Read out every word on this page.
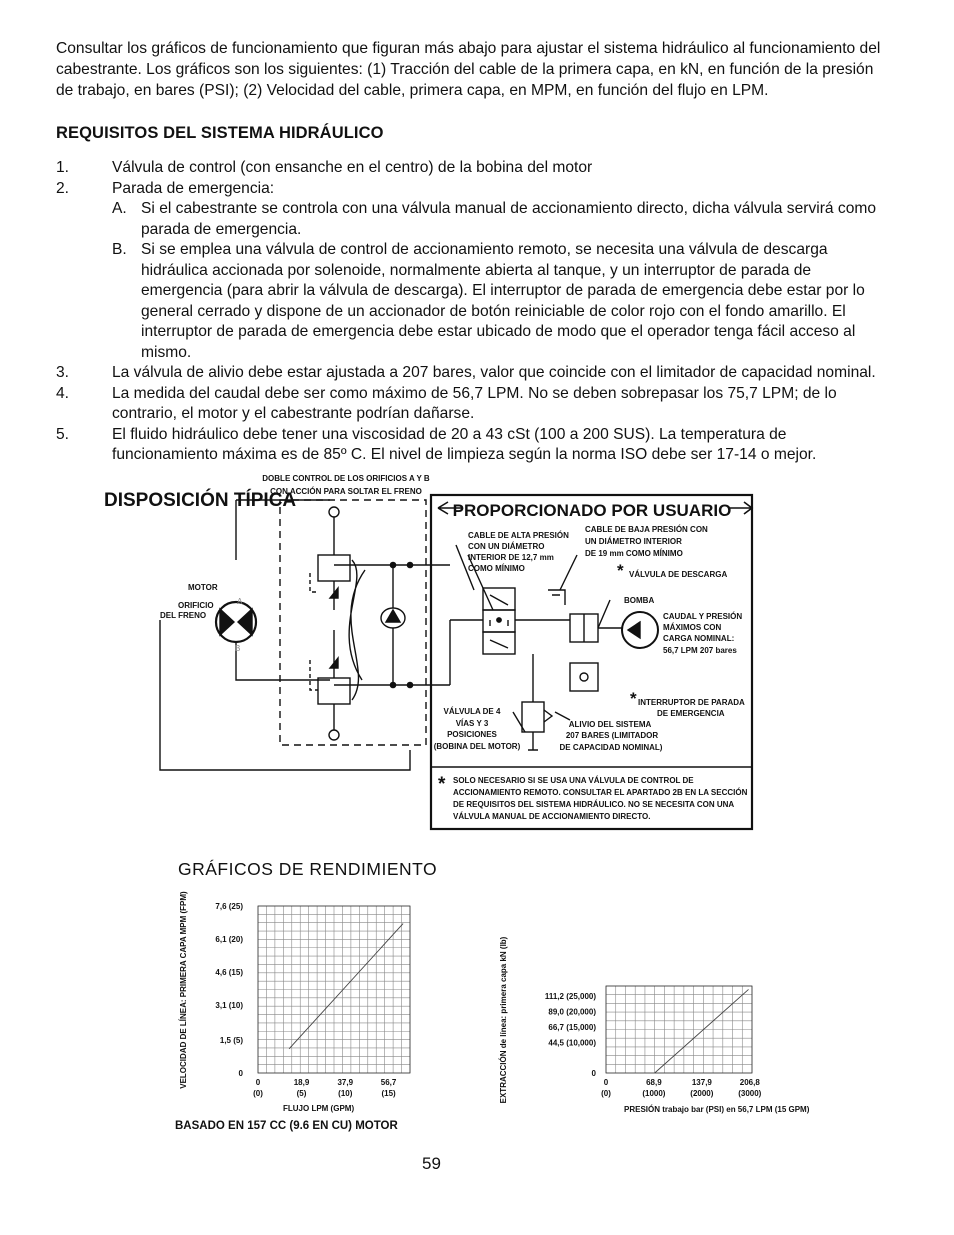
Consultar los gráficos de funcionamiento que figuran más abajo para ajustar el sistema hidráulico al funcionamiento del cabestrante. Los gráficos son los siguientes: (1) Tracción del cable de la primera capa, en kN, en función de la presión de trabajo, en bares (PSI); (2) Velocidad del cable, primera capa, en MPM, en función del flujo en LPM.
REQUISITOS DEL SISTEMA HIDRÁULICO
1.	Válvula de control (con ensanche en el centro) de la bobina del motor
2.	Parada de emergencia:
A. Si el cabestrante se controla con una válvula manual de accionamiento directo, dicha válvula servirá como parada de emergencia.
B. Si se emplea una válvula de control de accionamiento remoto, se necesita una válvula de descarga hidráulica accionada por solenoide, normalmente abierta al tanque, y un interruptor de parada de emergencia (para abrir la válvula de descarga). El interruptor de parada de emergencia debe estar por lo general cerrado y dispone de un accionador de botón reiniciable de color rojo con el fondo amarillo. El interruptor de parada de emergencia debe estar ubicado de modo que el operador tenga fácil acceso al mismo.
3.	La válvula de alivio debe estar ajustada a 207 bares, valor que coincide con el limitador de capacidad nominal.
4.	La medida del caudal debe ser como máximo de 56,7 LPM. No se deben sobrepasar los 75,7 LPM; de lo contrario, el motor y el cabestrante podrían dañarse.
5.	El fluido hidráulico debe tener una viscosidad de 20 a 43 cSt (100 a 200 SUS). La temperatura de funcionamiento máxima es de 85º C. El nivel de limpieza según la norma ISO debe ser 17-14 o mejor.
DISPOSICIÓN TÍPICA
DOBLE CONTROL DE LOS ORIFICIOS A Y B
CON ACCIÓN PARA SOLTAR EL FRENO
MOTOR
ORIFICIO
DEL FRENO
A
B
PROPORCIONADO POR USUARIO
CABLE DE ALTA PRESIÓN
CON UN DIÁMETRO
INTERIOR DE 12,7 mm
COMO MÍNIMO
CABLE DE BAJA PRESIÓN CON
UN DIÁMETRO INTERIOR
DE 19 mm COMO MÍNIMO
* VÁLVULA DE DESCARGA
BOMBA
CAUDAL Y PRESIÓN
MÁXIMOS CON
CARGA NOMINAL:
56,7 LPM 207 bares
* INTERRUPTOR DE PARADA
DE EMERGENCIA
VÁLVULA DE 4
VÍAS Y 3
POSICIONES
(BOBINA DEL MOTOR)
ALIVIO DEL SISTEMA
207 BARES (LIMITADOR
DE CAPACIDAD NOMINAL)
* SOLO NECESARIO SI SE USA UNA VÁLVULA DE CONTROL DE
ACCIONAMIENTO REMOTO. CONSULTAR EL APARTADO 2B EN LA SECCIÓN
DE REQUISITOS DEL SISTEMA HIDRÁULICO. NO SE NECESITA CON UNA
VÁLVULA MANUAL DE ACCIONAMIENTO DIRECTO.
GRÁFICOS DE RENDIMIENTO
0
1,5 (5)
3,1 (10)
4,6 (15)
6,1 (20)
7,6 (25)
0
(0)
18,9
(5)
37,9
(10)
56,7
(15)
VELOCIDAD DE LÍNEA: PRIMERA CAPA MPM (FPM)
FLUJO LPM (GPM)
BASADO EN 157 CC (9.6 EN CU) MOTOR
0
44,5 (10,000)
66,7 (15,000)
89,0 (20,000)
111,2 (25,000)
0
(0)
68,9
(1000)
137,9
(2000)
206,8
(3000)
EXTRACCIÓN de línea: primera capa kN (lb)
PRESIÓN trabajo bar (PSI) en 56,7 LPM (15 GPM)
59
